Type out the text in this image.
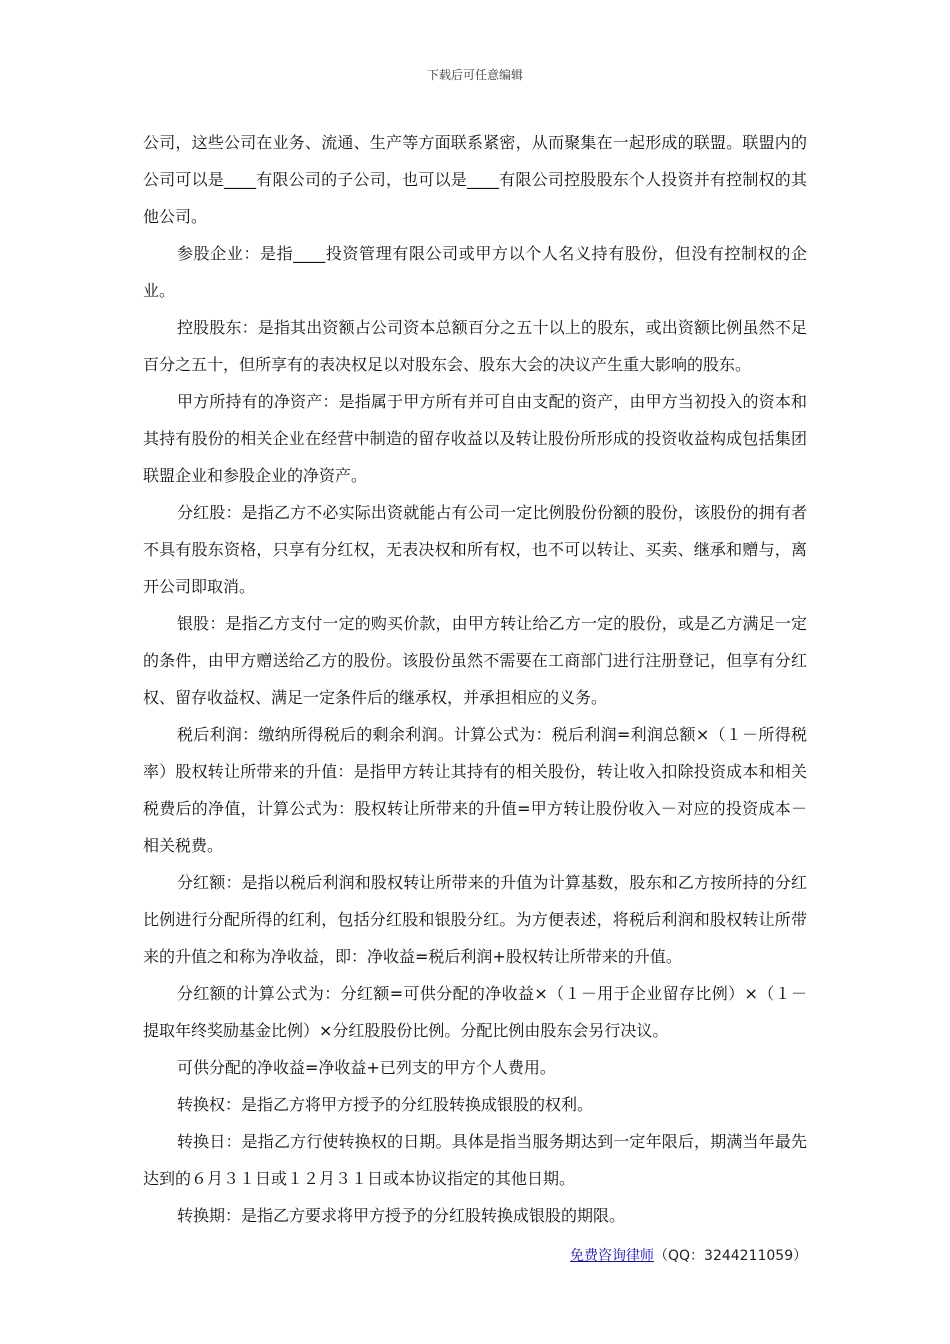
下载后可任意编辑

公司，这些公司在业务、流通、生产等方面联系紧密，从而聚集在一起形成的联盟。联盟内的公司可以是____有限公司的子公司，也可以是____有限公司控股股东个人投资并有控制权的其他公司。

参股企业：是指____投资管理有限公司或甲方以个人名义持有股份，但没有控制权的企业。

控股股东：是指其出资额占公司资本总额百分之五十以上的股东，或出资额比例虽然不足百分之五十，但所享有的表决权足以对股东会、股东大会的决议产生重大影响的股东。

甲方所持有的净资产：是指属于甲方所有并可自由支配的资产，由甲方当初投入的资本和其持有股份的相关企业在经营中制造的留存收益以及转让股份所形成的投资收益构成包括集团联盟企业和参股企业的净资产。

分红股：是指乙方不必实际出资就能占有公司一定比例股份份额的股份，该股份的拥有者不具有股东资格，只享有分红权，无表决权和所有权，也不可以转让、买卖、继承和赠与，离开公司即取消。

银股：是指乙方支付一定的购买价款，由甲方转让给乙方一定的股份，或是乙方满足一定的条件，由甲方赠送给乙方的股份。该股份虽然不需要在工商部门进行注册登记，但享有分红权、留存收益权、满足一定条件后的继承权，并承担相应的义务。

税后利润：缴纳所得税后的剩余利润。计算公式为：税后利润=利润总额×（１－所得税率）股权转让所带来的升值：是指甲方转让其持有的相关股份，转让收入扣除投资成本和相关税费后的净值，计算公式为：股权转让所带来的升值=甲方转让股份收入－对应的投资成本－相关税费。

分红额：是指以税后利润和股权转让所带来的升值为计算基数，股东和乙方按所持的分红比例进行分配所得的红利，包括分红股和银股分红。为方便表述，将税后利润和股权转让所带来的升值之和称为净收益，即：净收益=税后利润+股权转让所带来的升值。

分红额的计算公式为：分红额=可供分配的净收益×（１－用于企业留存比例）×（１－提取年终奖励基金比例）×分红股股份比例。分配比例由股东会另行决议。

可供分配的净收益=净收益+已列支的甲方个人费用。

转换权：是指乙方将甲方授予的分红股转换成银股的权利。

转换日：是指乙方行使转换权的日期。具体是指当服务期达到一定年限后，期满当年最先达到的６月３１日或１２月３１日或本协议指定的其他日期。

转换期：是指乙方要求将甲方授予的分红股转换成银股的期限。

免费咨询律师（QQ：3244211059）
